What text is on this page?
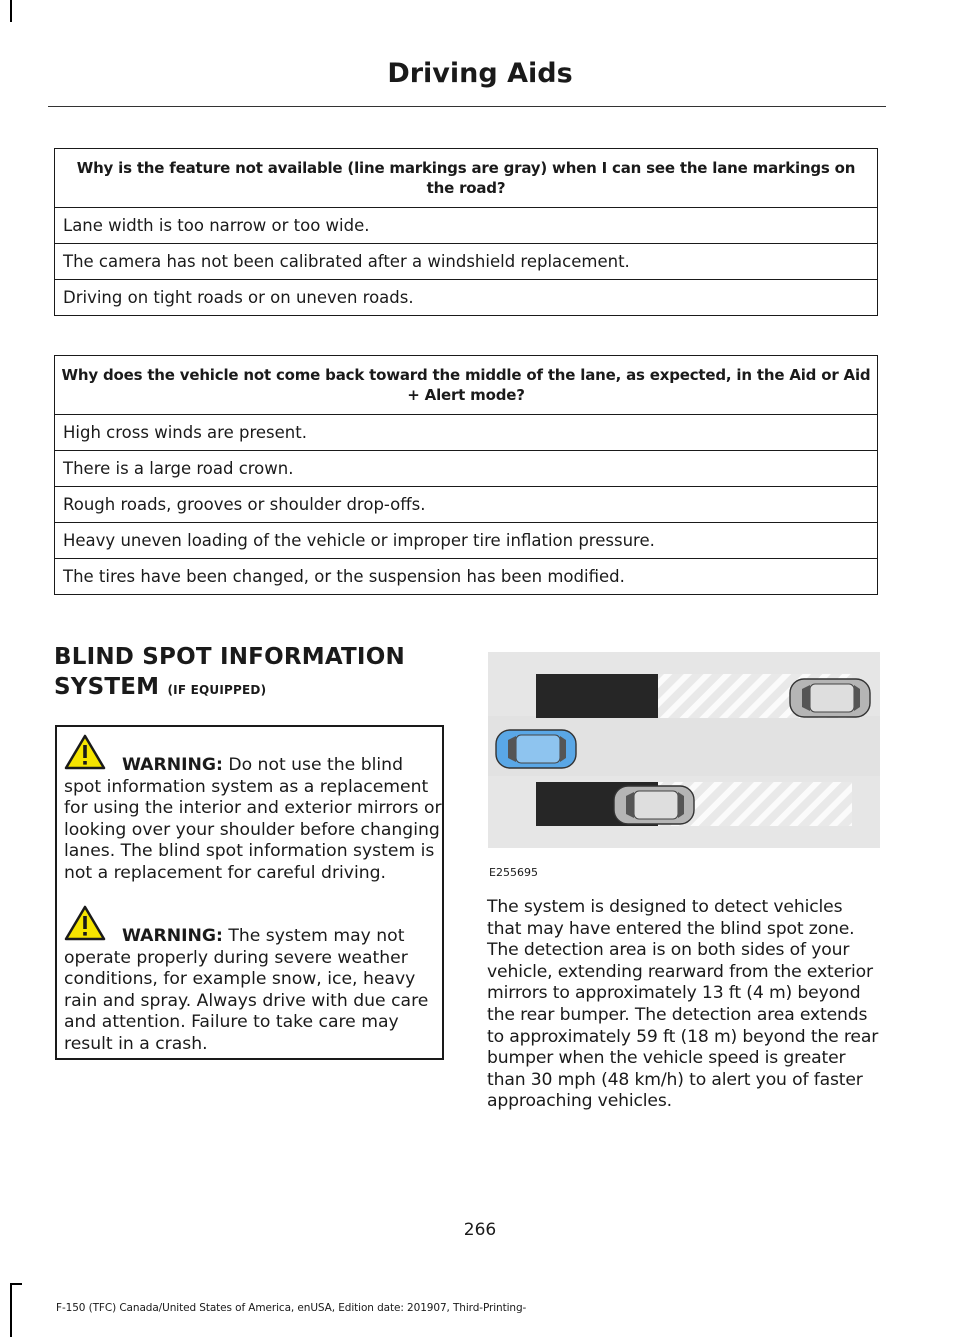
Driving Aids
Why is the feature not available (line markings are gray) when I can see the lane markings on the road?
Lane width is too narrow or too wide.
The camera has not been calibrated after a windshield replacement.
Driving on tight roads or on uneven roads.
Why does the vehicle not come back toward the middle of the lane, as expected, in the Aid or Aid + Alert mode?
High cross winds are present.
There is a large road crown.
Rough roads, grooves or shoulder drop-offs.
Heavy uneven loading of the vehicle or improper tire inflation pressure.
The tires have been changed, or the suspension has been modified.
BLIND SPOT INFORMATION
SYSTEM (IF EQUIPPED)
WARNING: Do not use the blind spot information system as a replacement for using the interior and exterior mirrors or looking over your shoulder before changing lanes. The blind spot information system is not a replacement for careful driving.
WARNING: The system may not operate properly during severe weather conditions, for example snow, ice, heavy rain and spray. Always drive with due care and attention. Failure to take care may result in a crash.
E255695
The system is designed to detect vehicles that may have entered the blind spot zone. The detection area is on both sides of your vehicle, extending rearward from the exterior mirrors to approximately 13 ft (4 m) beyond the rear bumper. The detection area extends to approximately 59 ft (18 m) beyond the rear bumper when the vehicle speed is greater than 30 mph (48 km/h) to alert you of faster approaching vehicles.
266
F-150 (TFC) Canada/United States of America, enUSA, Edition date: 201907, Third-Printing-
